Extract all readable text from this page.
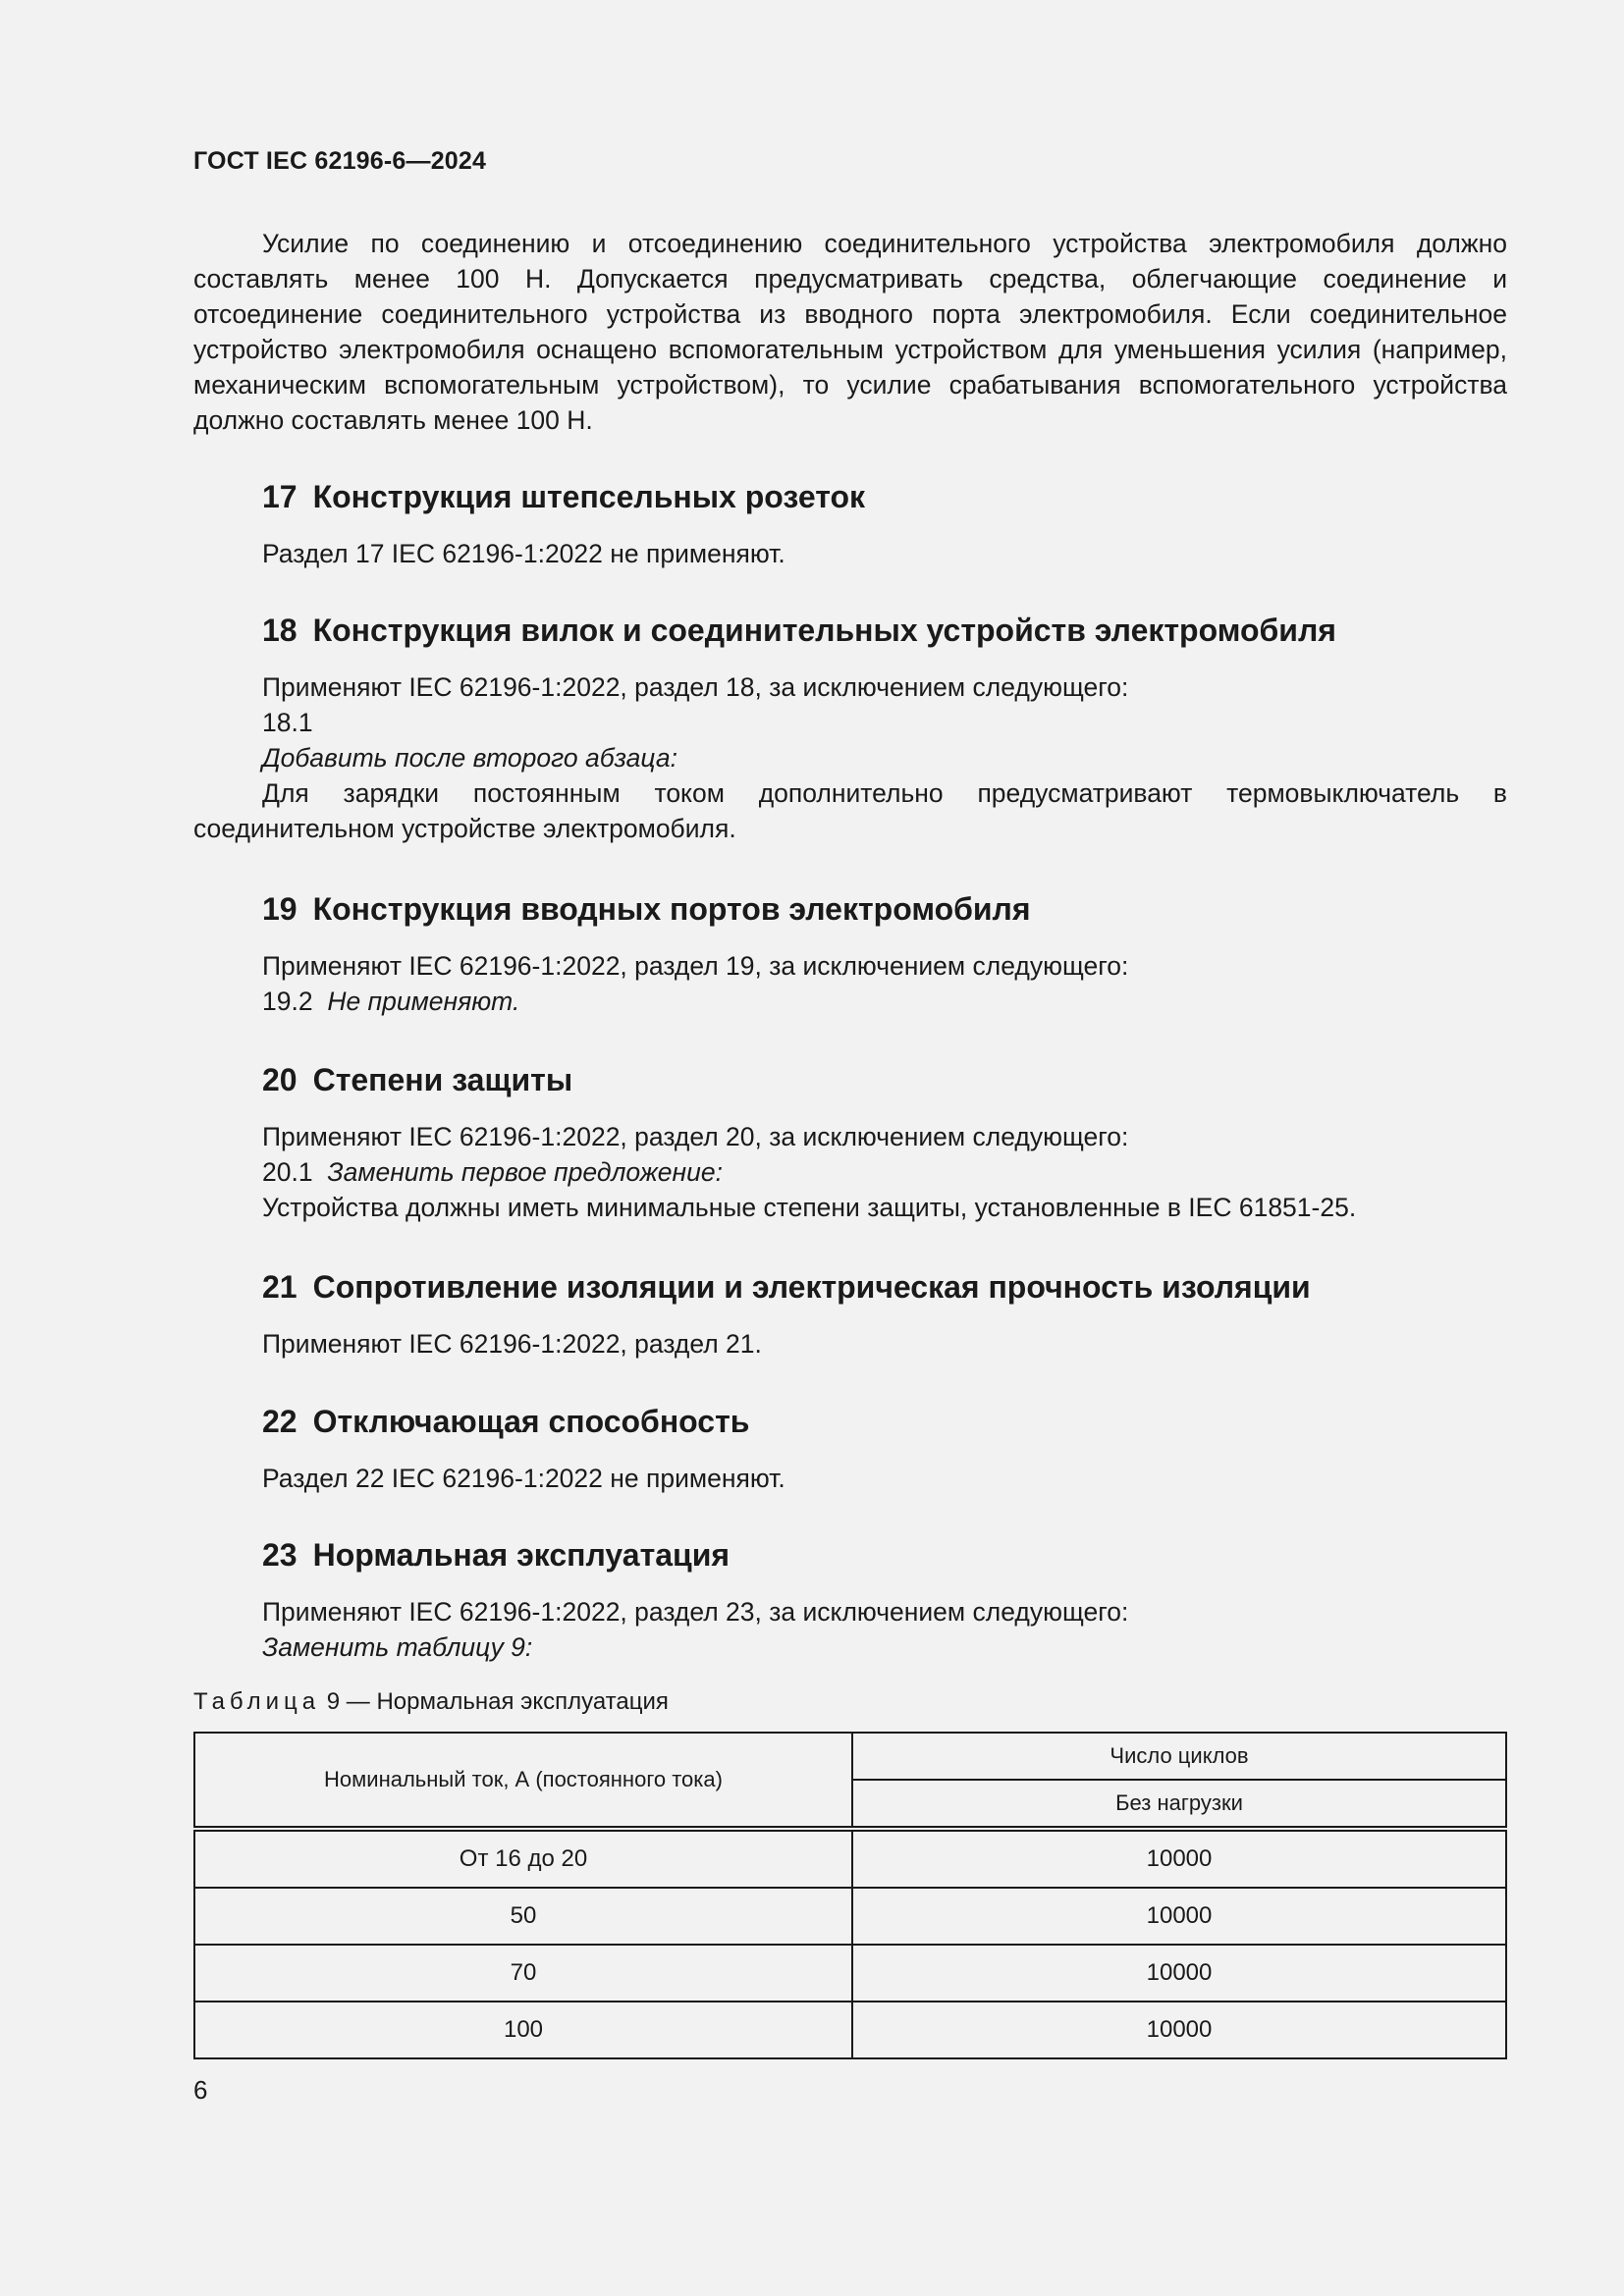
ГОСТ IEC 62196-6—2024

Усилие по соединению и отсоединению соединительного устройства электромобиля должно составлять менее 100 Н. Допускается предусматривать средства, облегчающие соединение и отсоединение соединительного устройства из вводного порта электромобиля. Если соединительное устройство электромобиля оснащено вспомогательным устройством для уменьшения усилия (например, механическим вспомогательным устройством), то усилие срабатывания вспомогательного устройства должно составлять менее 100 Н.

17 Конструкция штепсельных розеток

Раздел 17 IEC 62196-1:2022 не применяют.

18 Конструкция вилок и соединительных устройств электромобиля

Применяют IEC 62196-1:2022, раздел 18, за исключением следующего:

18.1

Добавить после второго абзаца:

Для зарядки постоянным током дополнительно предусматривают термовыключатель в соединительном устройстве электромобиля.

19 Конструкция вводных портов электромобиля

Применяют IEC 62196-1:2022, раздел 19, за исключением следующего:

19.2 Не применяют.

20 Степени защиты

Применяют IEC 62196-1:2022, раздел 20, за исключением следующего:

20.1 Заменить первое предложение:

Устройства должны иметь минимальные степени защиты, установленные в IEC 61851-25.

21 Сопротивление изоляции и электрическая прочность изоляции

Применяют IEC 62196-1:2022, раздел 21.

22 Отключающая способность

Раздел 22 IEC 62196-1:2022 не применяют.

23 Нормальная эксплуатация

Применяют IEC 62196-1:2022, раздел 23, за исключением следующего:

Заменить таблицу 9:

Таблица 9 — Нормальная эксплуатация
Номинальный ток, А (постоянного тока)	Число циклов
	Без нагрузки
От 16 до 20	10000
50	10000
70	10000
100	10000
6
